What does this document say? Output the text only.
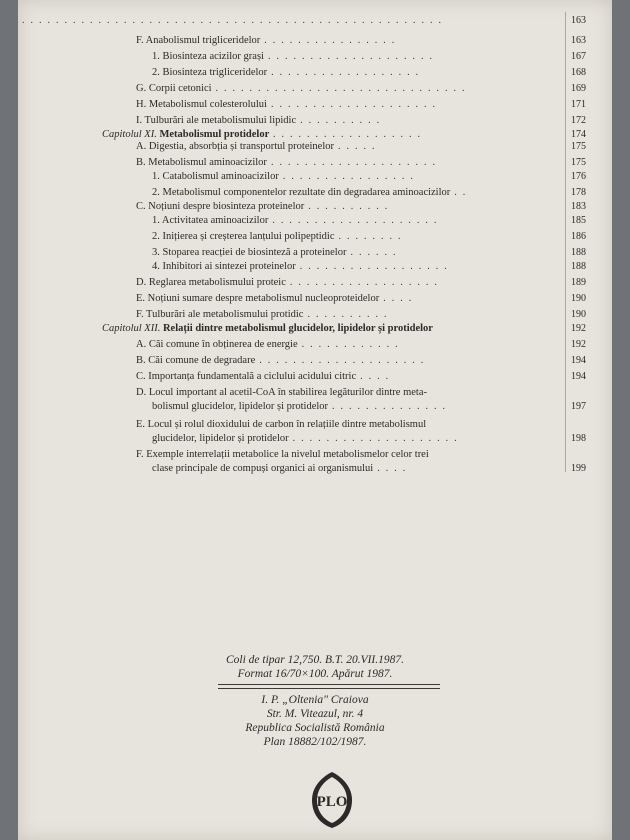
..................................................	163
F. Anabolismul trigliceridelor ................	163
1. Biosinteza acizilor grași ....................	167
2. Biosinteza trigliceridelor ..................	168
G. Corpii cetonici ..............................	169
H. Metabolismul colesterolului ....................	171
I. Tulburări ale metabolismului lipidic ..........	172
Capitolul XI. Metabolismul protidelor ..................	174
A. Digestia, absorbția și transportul proteinelor .....	175
B. Metabolismul aminoacizilor ....................	175
1. Catabolismul aminoacizilor ................	176
2. Metabolismul componentelor rezultate din degradarea aminoacizilor ..	178
C. Noțiuni despre biosinteza proteinelor ..........	183
1. Activitatea aminoacizilor ....................	185
2. Inițierea și creșterea lanțului polipeptidic ........	186
3. Stoparea reacției de biosinteză a proteinelor ......	188
4. Inhibitori ai sintezei proteinelor ..................	188
D. Reglarea metabolismului proteic ..................	189
E. Noțiuni sumare despre metabolismul nucleoproteidelor ....	190
F. Tulburări ale metabolismului protidic ..........	190
Capitolul XII. Relații dintre metabolismul glucidelor, lipidelor și protidelor	192
A. Căi comune în obținerea de energie ............	192
B. Căi comune de degradare ....................	194
C. Importanța fundamentală a ciclului acidului citric ....	194
D. Locul important al acetil-CoA în stabilirea legăturilor dintre meta-
bolismul glucidelor, lipidelor și protidelor ..............	197
E. Locul și rolul dioxidului de carbon în relațiile dintre metabolismul
glucidelor, lipidelor și protidelor ....................	198
F. Exemple interrelații metabolice la nivelul metabolismelor celor trei
clase principale de compuși organici ai organismului ....	199
Coli de tipar 12,750. B.T. 20.VII.1987.
Format 16/70×100. Apărut 1987.
I. P. „Oltenia" Craiova
Str. M. Viteazul, nr. 4
Republica Socialistă România
Plan 18882/102/1987.
PLO
